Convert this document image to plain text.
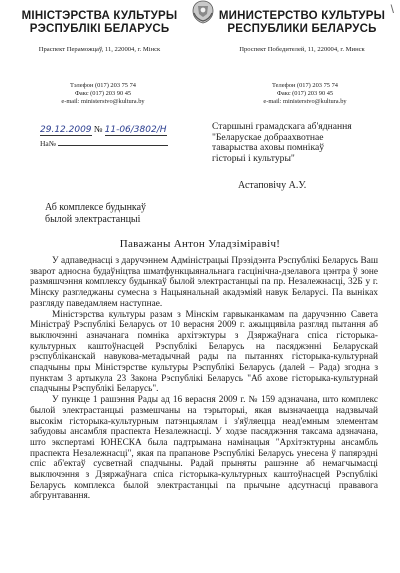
\
МІНІСТЭРСТВА КУЛЬТУРЫ
РЭСПУБЛІКІ БЕЛАРУСЬ
Праспект Пераможцаў, 11, 220004, г. Мінск
МИНИСТЕРСТВО КУЛЬТУРЫ
РЕСПУБЛИКИ БЕЛАРУСЬ
Проспект Победителей, 11, 220004, г. Минск
Тэлефон (017) 203 75 74
Факс (017) 203 90 45
e-mail: ministerstvo@kultura.by
Телефон (017) 203 75 74
Факс (017) 203 90 45
e-mail: ministerstvo@kultura.by
29.12.2009 № 11-06/3802/Н
На№
Старшыні грамадскага аб'яднання
"Беларускае добраахвотнае
таварыства аховы помнікаў
гісторыі і культуры"
Астаповічу А.У.
Аб комплексе будынкаў
былой электрастанцыі
Паважаны Антон Уладзіміравіч!

У адпаведнасці з даручэннем Адміністрацыі Прэзідэнта Рэспублікі Беларусь Ваш зварот адносна будаўніцтва шматфункцыянальнага гасцінічна-дзелавога цэнтра ў зоне размяшчэння комплексу будынкаў былой электрастанцыі па пр. Незалежнасці, 32Б у г. Мінску разгледжаны сумесна з Нацыянальнай акадэміяй навук Беларусі. Па выніках разгляду паведамляем наступнае.

Міністэрства культуры разам з Мінскім гарвыканкамам па даручэнню Савета Міністраў Рэспублікі Беларусь от 10 верасня 2009 г. ажыццявіла разгляд пытання аб выключэнні азначанага помніка архітэктуры з Дзяржаўнага спіса гісторыка-культурных каштоўнасцей Рэспублікі Беларусь на пасяджэнні Беларускай рэспубліканскай навукова-метадычнай рады па пытаннях гісторыка-культурнай спадчыны пры Міністэрстве культуры Рэспублікі Беларусь (далей – Рада) згодна з пунктам 3 артыкула 23 Закона Рэспублікі Беларусь "Аб ахове гісторыка-культурнай спадчыны Рэспублікі Беларусь".

У пункце 1 рашэння Рады ад 16 верасня 2009 г. № 159 адзначана, што комплекс былой электрастанцыі размешчаны на тэрыторыі, якая вызначаецца надзвычай высокім гісторыка-культурным патэнцыялам і з'яўляецца неад'емным элементам забудовы ансамбля праспекта Незалежнасці. У ходзе пасяджэння таксама адзначана, што экспертамі ЮНЕСКА была падтрымана намінацыя "Архітэктурны ансамбль праспекта Незалежнасці", якая па прапанове Рэспублікі Беларусь унесена ў папярэдні спіс аб'ектаў сусветнай спадчыны. Радай прыняты рашэнне аб немагчымасці выключэння з Дзяржаўнага спіса гісторыка-культурных каштоўнасцей Рэспублікі Беларусь комплекса былой электрастанцыі па прычыне адсутнасці прававога абгрунтавання.
